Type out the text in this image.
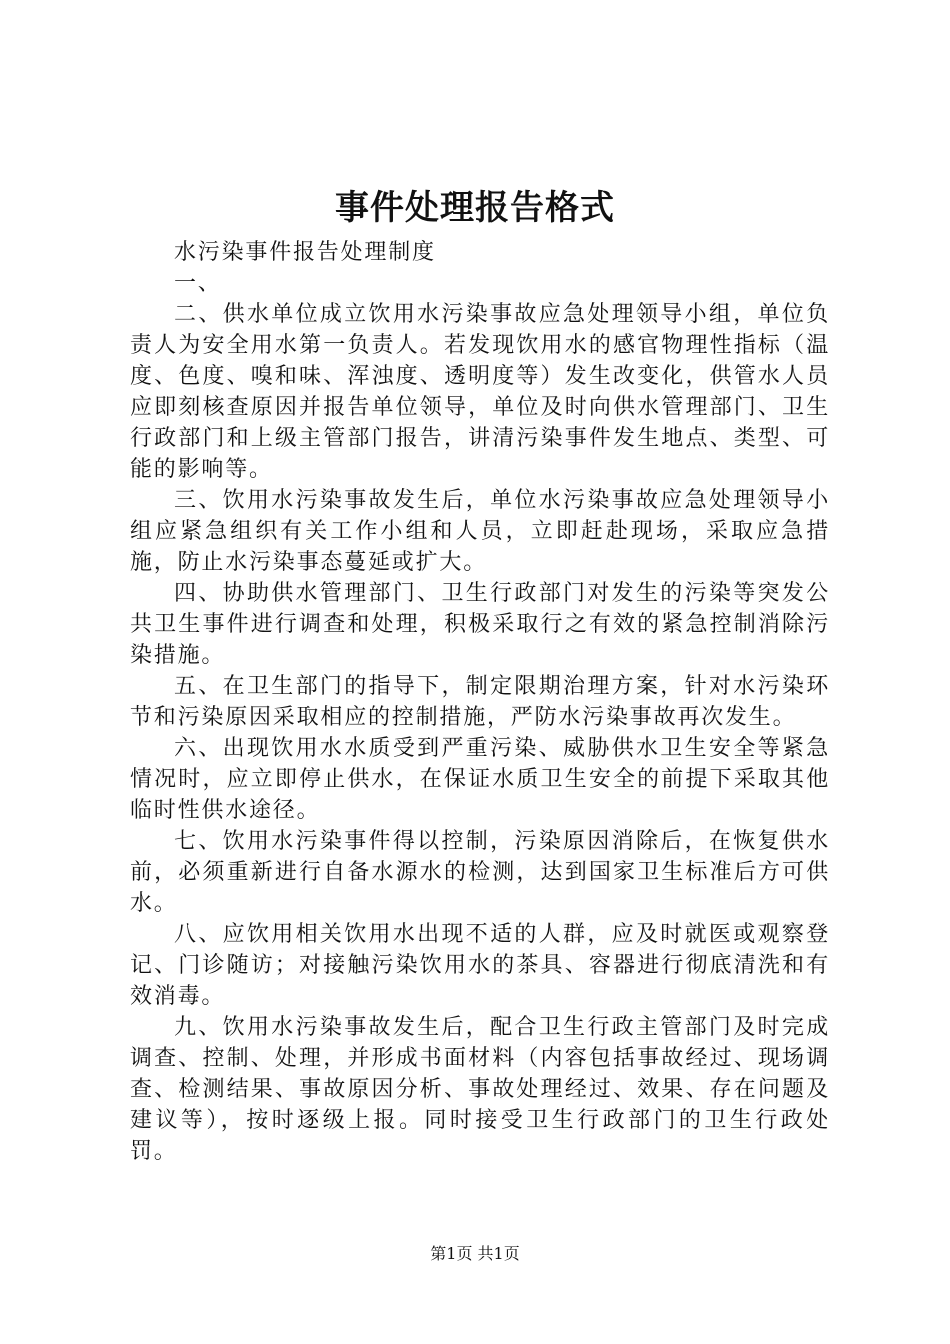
事件处理报告格式

水污染事件报告处理制度

一、

二、供水单位成立饮用水污染事故应急处理领导小组，单位负责人为安全用水第一负责人。若发现饮用水的感官物理性指标（温度、色度、嗅和味、浑浊度、透明度等）发生改变化，供管水人员应即刻核查原因并报告单位领导，单位及时向供水管理部门、卫生行政部门和上级主管部门报告，讲清污染事件发生地点、类型、可能的影响等。

三、饮用水污染事故发生后，单位水污染事故应急处理领导小组应紧急组织有关工作小组和人员，立即赶赴现场，采取应急措施，防止水污染事态蔓延或扩大。

四、协助供水管理部门、卫生行政部门对发生的污染等突发公共卫生事件进行调查和处理，积极采取行之有效的紧急控制消除污染措施。

五、在卫生部门的指导下，制定限期治理方案，针对水污染环节和污染原因采取相应的控制措施，严防水污染事故再次发生。

六、出现饮用水水质受到严重污染、威胁供水卫生安全等紧急情况时，应立即停止供水，在保证水质卫生安全的前提下采取其他临时性供水途径。

七、饮用水污染事件得以控制，污染原因消除后，在恢复供水前，必须重新进行自备水源水的检测，达到国家卫生标准后方可供水。

八、应饮用相关饮用水出现不适的人群，应及时就医或观察登记、门诊随访；对接触污染饮用水的茶具、容器进行彻底清洗和有效消毒。

九、饮用水污染事故发生后，配合卫生行政主管部门及时完成调查、控制、处理，并形成书面材料（内容包括事故经过、现场调查、检测结果、事故原因分析、事故处理经过、效果、存在问题及建议等），按时逐级上报。同时接受卫生行政部门的卫生行政处罚。

第1页 共1页
